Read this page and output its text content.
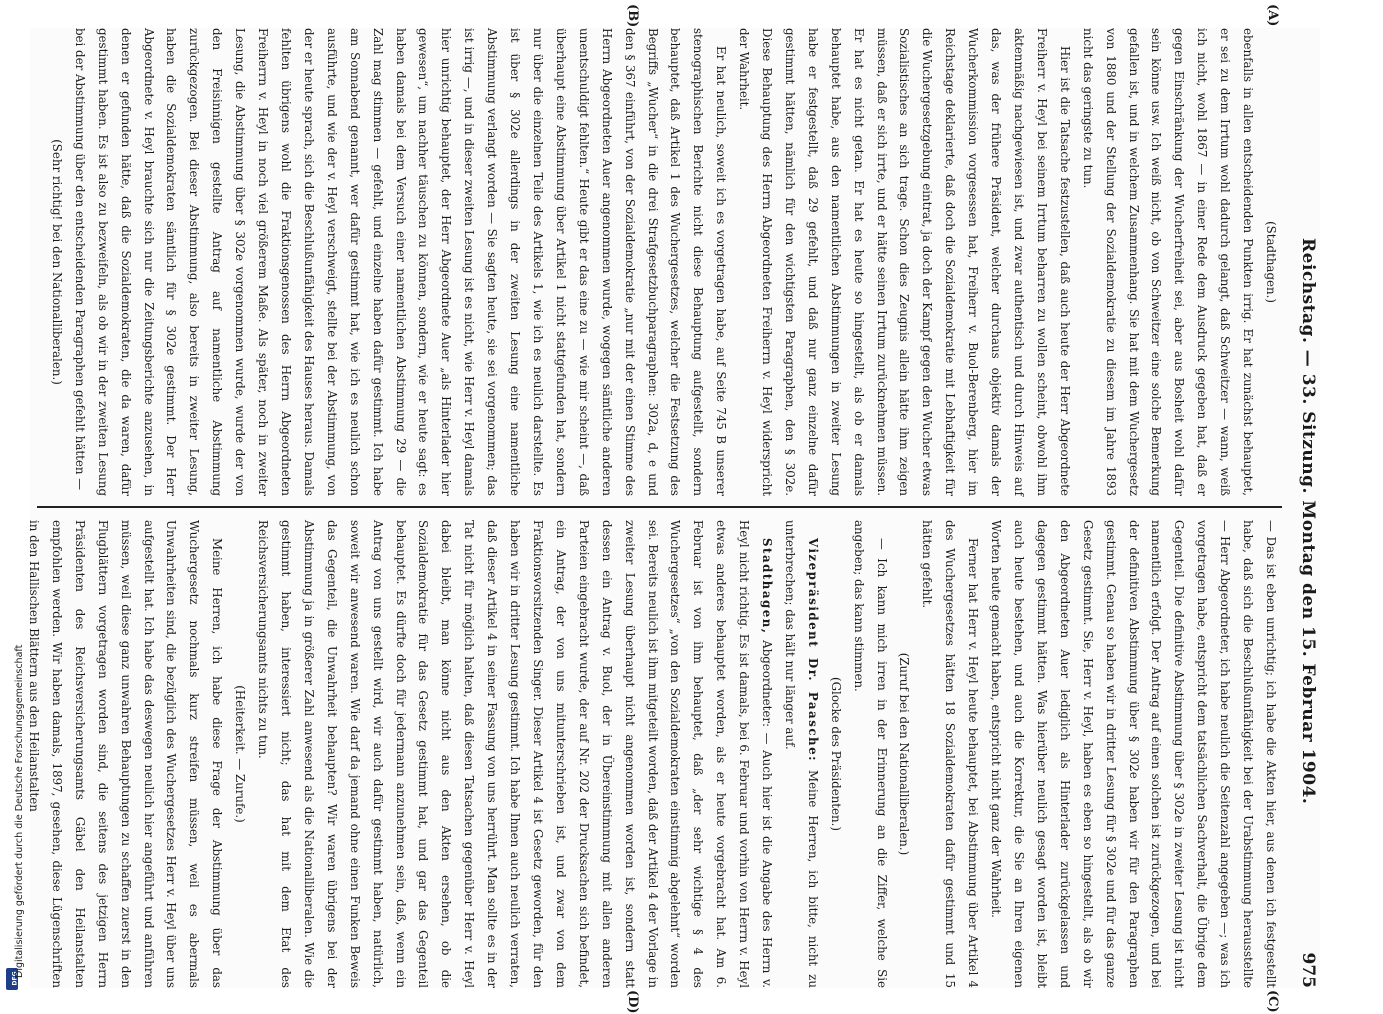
Reichstag. — 33. Sitzung. Montag den 15. Februar 1904.
975

(Stadthagen.)

ebenfalls in allen entscheidenden Punkten irrig. Er hat zunächst behauptet, er sei zu dem Irrtum wohl dadurch gelangt, daß Schweitzer — wann, weiß ich nicht, wohl 1867 — in einer Rede dem Ausdruck gegeben hat, daß er gegen Einschränkung der Wucherfreiheit sei, aber aus Bosheit wohl dafür sein könne usw. Ich weiß nicht, ob von Schweitzer eine solche Bemerkung gefallen ist, und in welchem Zusammenhang. Sie hat mit dem Wuchergesetz von 1880 und der Stellung der Sozialdemokratie zu diesem im Jahre 1893 nicht das geringste zu tun.

Hier ist die Tatsache festzustellen, daß auch heute der Herr Abgeordnete Freiherr v. Heyl bei seinem Irrtum beharren zu wollen scheint, obwohl ihm aktenmäßig nachgewiesen ist, und zwar authentisch und durch Hinweis auf das, was der frühere Präsident, welcher durchaus objektiv damals der Wucherkommission vorgesessen hat, Freiherr v. Buol-Berenberg, hier im Reichstage deklarierte, daß doch die Sozialdemokratie mit Lebhaftigkeit für die Wuchergesetzgebung eintrat, ja doch der Kampf gegen den Wucher etwas Sozialistisches an sich trage. Schon dies Zeugnis allein hätte ihm zeigen müssen, daß er sich irrte, und er hätte seinen Irrtum zurücknehmen müssen. Er hat es nicht getan. Er hat es heute so hingestellt, als ob er damals behauptet habe, aus den namentlichen Abstimmungen in zweiter Lesung habe er festgestellt, daß 29 gefehlt, und daß nur ganz einzelne dafür gestimmt hätten, nämlich für den wichtigsten Paragraphen, den § 302e. Diese Behauptung des Herrn Abgeordneten Freiherrn v. Heyl widerspricht der Wahrheit.

Er hat neulich, soweit ich es vorgetragen habe, auf Seite 745 B unserer stenographischen Berichte nicht diese Behauptung aufgestellt, sondern behauptet, daß Artikel 1 des Wuchergesetzes, welcher die Festsetzung des Begriffs „Wucher“ in die drei Strafgesetzbuchparagraphen: 302a, d, e und den § 367 einführt, von der Sozialdemokratie „nur mit der einen Stimme des Herrn Abgeordneten Auer angenommen wurde, wogegen sämtliche anderen unentschuldigt fehlten.“ Heute gibt er das eine zu — wie mir scheint —, daß überhaupt eine Abstimmung über Artikel 1 nicht stattgefunden hat, sondern nur über die einzelnen Teile des Artikels 1, wie ich es neulich darstellte. Es ist über § 302e allerdings in der zweiten Lesung eine namentliche Abstimmung verlangt worden — Sie sagten heute, sie sei vorgenommen; das ist irrig —, und in dieser zweiten Lesung ist es nicht, wie Herr v. Heyl damals hier unrichtig behauptet, der Herr Abgeordnete Auer „als Hinterlader hier gewesen“, um nachher täuschen zu können, sondern, wie er heute sagt: es haben damals bei dem Versuch einer namentlichen Abstimmung 29 — die Zahl mag stimmen — gefehlt, und einzelne haben dafür gestimmt. Ich habe am Sonnabend genannt, wer dafür gestimmt hat, wie ich es neulich schon ausführte, und wie der v. Heyl verschweigt, stellte bei der Abstimmung, von der er heute sprach, sich die Beschlußunfähigkeit des Hauses heraus. Damals fehlten übrigens wohl die Fraktionsgenossen des Herrn Abgeordneten Freiherrn v. Heyl in noch viel größerem Maße. Als später, noch in zweiter Lesung, die Abstimmung über § 302e vorgenommen wurde, wurde der von den Freisinnigen gestellte Antrag auf namentliche Abstimmung zurückgezogen. Bei dieser Abstimmung, also bereits in zweiter Lesung, haben die Sozialdemokraten sämtlich für § 302e gestimmt. Der Herr Abgeordnete v. Heyl brauchte sich nur die Zeitungsberichte anzusehen, in denen er gefunden hätte, daß die Sozialdemokraten, die da waren, dafür gestimmt haben. Es ist also zu bezweifeln, als ob wir in der zweiten Lesung bei der Abstimmung über den entscheidenden Paragraphen gefehlt hätten —

(Sehr richtig! bei den Nationalliberalen.)

— Das ist eben unrichtig; ich habe die Akten hier, aus denen ich festgestellt habe, daß sich die Beschlußunfähigkeit bei der Urabstimmung herausstellte — Herr Abgeordneter, ich habe neulich die Seitenzahl angegeben —; was ich vorgetragen habe, entspricht dem tatsächlichen Sachverhalt, die Übrige dem Gegenteil. Die definitive Abstimmung über § 302e in zweiter Lesung ist nicht namentlich erfolgt. Der Antrag auf einen solchen ist zurückgezogen, und bei der definitiven Abstimmung über § 302e haben wir für den Paragraphen gestimmt. Genau so haben wir in dritter Lesung für § 302e und für das ganze Gesetz gestimmt. Sie, Herr v. Heyl, haben es eben so hingestellt, als ob wir den Abgeordneten Auer lediglich als Hinterlader zurückgelassen und dagegen gestimmt hätten. Was hierüber neulich gesagt worden ist, bleibt auch heute bestehen, und auch die Korrektur, die Sie an Ihren eigenen Worten heute gemacht haben, entspricht nicht ganz der Wahrheit.

Ferner hat Herr v. Heyl heute behauptet, bei Abstimmung über Artikel 4 des Wuchergesetzes hätten 18 Sozialdemokraten dafür gestimmt und 15 hätten gefehlt.

(Zuruf bei den Nationalliberalen.)

— Ich kann mich irren in der Erinnerung an die Ziffer, welche Sie angeben; das kann stimmen.

(Glocke des Präsidenten.)

Vizepräsident Dr. Paasche: Meine Herren, ich bitte, nicht zu unterbrechen; das hält nur länger auf.

Stadthagen, Abgeordneter: — Auch hier ist die Angabe des Herrn v. Heyl nicht richtig. Es ist damals, bei 6. Februar und vorhin von Herrn v. Heyl etwas anderes behauptet worden, als er heute vorgebracht hat. Am 6. Februar ist von ihm behauptet, daß „der sehr wichtige § 4 des Wuchergesetzes“ „von den Sozialdemokraten einstimmig abgelehnt“ worden sei. Bereits neulich ist ihm mitgeteilt worden, daß der Artikel 4 der Vorlage in zweiter Lesung überhaupt nicht angenommen worden ist, sondern statt dessen ein Antrag v. Buol, der in Übereinstimmung mit allen anderen Parteien eingebracht wurde, der auf Nr. 202 der Drucksachen sich befindet, ein Antrag, der von uns mitunterschrieben ist, und zwar von dem Fraktionsvorsitzenden Singer. Dieser Artikel 4 ist Gesetz geworden, für den haben wir in dritter Lesung gestimmt. Ich habe Ihnen auch neulich verraten, daß dieser Artikel 4 in seiner Fassung von uns herrührt. Man sollte es in der Tat nicht für möglich halten, daß diesen Tatsachen gegenüber Herr v. Heyl dabei bleibt, man könne nicht aus den Akten ersehen, ob die Sozialdemokratie für das Gesetz gestimmt hat, und gar das Gegenteil behauptet. Es dürfte doch für jedermann anzunehmen sein, daß, wenn ein Antrag von uns gestellt wird, wir auch dafür gestimmt haben, natürlich, soweit wir anwesend waren. Wie darf da jemand ohne einen Funken Beweis das Gegenteil, die Unwahrheit behaupten? Wir waren übrigens bei der Abstimmung ja in größerer Zahl anwesend als die Nationalliberalen. Wie die gestimmt haben, interessiert nicht; das hat mit dem Etat des Reichsversicherungsamts nichts zu tun.

(Heiterkeit. — Zurufe.)

Meine Herren, ich habe diese Frage der Abstimmung über das Wuchergesetz nochmals kurz streifen müssen, weil es abermals Unwahrheiten sind, die bezüglich des Wuchergesetzes Herr v. Heyl über uns aufgestellt hat. Ich habe das deswegen neulich hier angeführt und anführen müssen, weil diese ganz unwahren Behauptungen zu schaffen zuerst in den Flugblättern vorgetragen worden sind, die seitens des jetzigen Herrn Präsidenten des Reichsversicherungsamts Gäbel den Heilanstalten empfohlen werden. Wir haben damals, 1897, gesehen, diese Lügenschriften in den Hallischen Blättern aus den Heilanstalten

(A)
(B)
(C)
(D)
DFG
Digitalisierung gefördert durch die Deutsche Forschungsgemeinschaft
